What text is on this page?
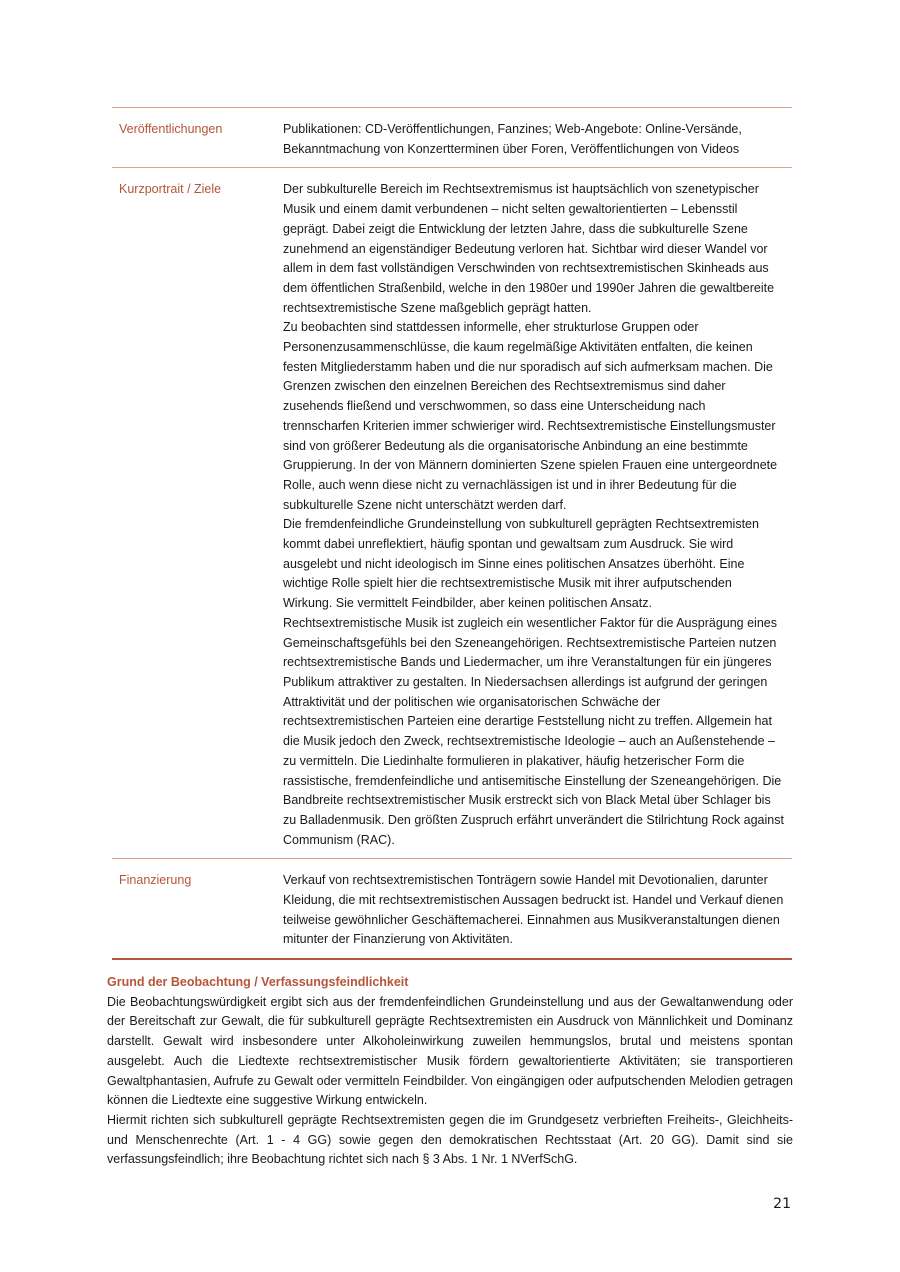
Veröffentlichungen	Publikationen: CD-Veröffentlichungen, Fanzines; Web-Angebote: Online-Versände, Bekanntmachung von Konzertterminen über Foren, Veröffentlichungen von Videos

Kurzportrait / Ziele	Der subkulturelle Bereich im Rechtsextremismus ist hauptsächlich von szenetypischer Musik und einem damit verbundenen – nicht selten gewaltorientierten – Lebensstil geprägt. Dabei zeigt die Entwicklung der letzten Jahre, dass die subkulturelle Szene zunehmend an eigenständiger Bedeutung verloren hat. Sichtbar wird dieser Wandel vor allem in dem fast vollständigen Verschwinden von rechtsextremistischen Skinheads aus dem öffentlichen Straßenbild, welche in den 1980er und 1990er Jahren die gewaltbereite rechtsextremistische Szene maßgeblich geprägt hatten.

Zu beobachten sind stattdessen informelle, eher strukturlose Gruppen oder Personenzusammenschlüsse, die kaum regelmäßige Aktivitäten entfalten, die keinen festen Mitgliederstamm haben und die nur sporadisch auf sich aufmerksam machen. Die Grenzen zwischen den einzelnen Bereichen des Rechtsextremismus sind daher zusehends fließend und verschwommen, so dass eine Unterscheidung nach trennscharfen Kriterien immer schwieriger wird. Rechtsextremistische Einstellungsmuster sind von größerer Bedeutung als die organisatorische Anbindung an eine bestimmte Gruppierung. In der von Männern dominierten Szene spielen Frauen eine untergeordnete Rolle, auch wenn diese nicht zu vernachlässigen ist und in ihrer Bedeutung für die subkulturelle Szene nicht unterschätzt werden darf.

Die fremdenfeindliche Grundeinstellung von subkulturell geprägten Rechtsextremisten kommt dabei unreflektiert, häufig spontan und gewaltsam zum Ausdruck. Sie wird ausgelebt und nicht ideologisch im Sinne eines politischen Ansatzes überhöht. Eine wichtige Rolle spielt hier die rechtsextremistische Musik mit ihrer aufputschenden Wirkung. Sie vermittelt Feindbilder, aber keinen politischen Ansatz.

Rechtsextremistische Musik ist zugleich ein wesentlicher Faktor für die Ausprägung eines Gemeinschaftsgefühls bei den Szeneangehörigen. Rechtsextremistische Parteien nutzen rechtsextremistische Bands und Liedermacher, um ihre Veranstaltungen für ein jüngeres Publikum attraktiver zu gestalten. In Niedersachsen allerdings ist aufgrund der geringen Attraktivität und der politischen wie organisatorischen Schwäche der rechtsextremistischen Parteien eine derartige Feststellung nicht zu treffen. Allgemein hat die Musik jedoch den Zweck, rechtsextremistische Ideologie – auch an Außenstehende – zu vermitteln. Die Liedinhalte formulieren in plakativer, häufig hetzerischer Form die rassistische, fremdenfeindliche und antisemitische Einstellung der Szeneangehörigen. Die Bandbreite rechtsextremistischer Musik erstreckt sich von Black Metal über Schlager bis zu Balladenmusik. Den größten Zuspruch erfährt unverändert die Stilrichtung Rock against Communism (RAC).

Finanzierung	Verkauf von rechtsextremistischen Tonträgern sowie Handel mit Devotionalien, darunter Kleidung, die mit rechtsextremistischen Aussagen bedruckt ist. Handel und Verkauf dienen teilweise gewöhnlicher Geschäftemacherei. Einnahmen aus Musikveranstaltungen dienen mitunter der Finanzierung von Aktivitäten.

Grund der Beobachtung / Verfassungsfeindlichkeit

Die Beobachtungswürdigkeit ergibt sich aus der fremdenfeindlichen Grundeinstellung und aus der Gewaltanwendung oder der Bereitschaft zur Gewalt, die für subkulturell geprägte Rechtsextremisten ein Ausdruck von Männlichkeit und Dominanz darstellt. Gewalt wird insbesondere unter Alkoholeinwirkung zuweilen hemmungslos, brutal und meistens spontan ausgelebt. Auch die Liedtexte rechtsextremistischer Musik fördern gewaltorientierte Aktivitäten; sie transportieren Gewaltphantasien, Aufrufe zu Gewalt oder vermitteln Feindbilder. Von eingängigen oder aufputschenden Melodien getragen können die Liedtexte eine suggestive Wirkung entwickeln.

Hiermit richten sich subkulturell geprägte Rechtsextremisten gegen die im Grundgesetz verbrieften Freiheits-, Gleichheits- und Menschenrechte (Art. 1 - 4 GG) sowie gegen den demokratischen Rechtsstaat (Art. 20 GG). Damit sind sie verfassungsfeindlich; ihre Beobachtung richtet sich nach § 3 Abs. 1 Nr. 1 NVerfSchG.

21
